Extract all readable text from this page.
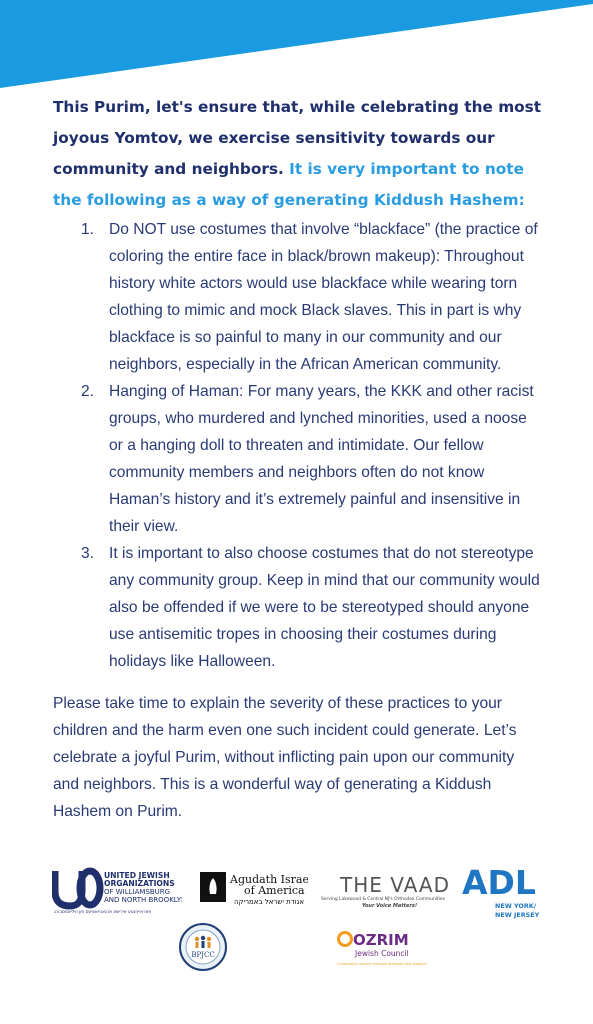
This Purim, let's ensure that, while celebrating the most joyous Yomtov, we exercise sensitivity towards our community and neighbors. It is very important to note the following as a way of generating Kiddush Hashem:

1. Do NOT use costumes that involve “blackface” (the practice of coloring the entire face in black/brown makeup): Throughout history white actors would use blackface while wearing torn clothing to mimic and mock Black slaves. This in part is why blackface is so painful to many in our community and our neighbors, especially in the African American community.
2. Hanging of Haman: For many years, the KKK and other racist groups, who murdered and lynched minorities, used a noose or a hanging doll to threaten and intimidate. Our fellow community members and neighbors often do not know Haman’s history and it’s extremely painful and insensitive in their view.
3. It is important to also choose costumes that do not stereotype any community group. Keep in mind that our community would also be offended if we were to be stereotyped should anyone use antisemitic tropes in choosing their costumes during holidays like Halloween.

Please take time to explain the severity of these practices to your children and the harm even one such incident could generate. Let’s celebrate a joyful Purim, without inflicting pain upon our community and neighbors. This is a wonderful way of generating a Kiddush Hashem on Purim.

UNITED JEWISH
ORGANIZATIONS
OF WILLIAMSBURG
AND NORTH BROOKLYN
פאראייניגטע אידישע ארגאניזאציעס פון וויליאמסבורג
Agudath Israel
of America
אגודת ישראל באמריקה
THE VAAD
Serving Lakewood & Central NJ's Orthodox Communities
Your Voice Matters!
ADL
NEW YORK/
NEW JERSEY
BPJCC
OZRIM
Jewish Council
Community service through strength and support
